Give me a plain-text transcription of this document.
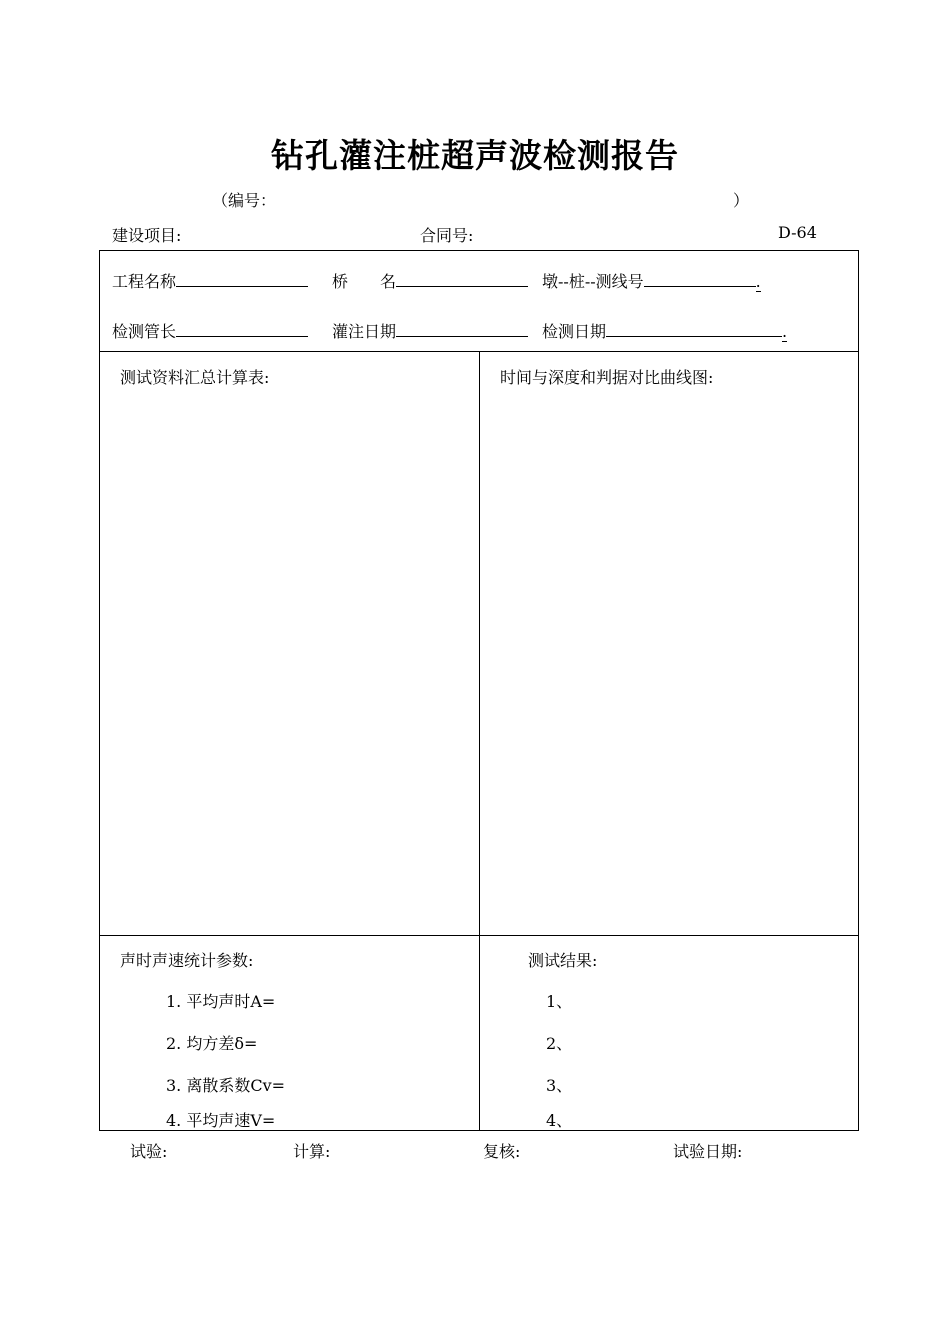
钻孔灌注桩超声波检测报告
（编号：	）
建设项目:	合同号:	D-64
工程名称	桥　　名	墩--桩--测线号	.
检测管长	灌注日期	检测日期	.
测试资料汇总计算表:	时间与深度和判据对比曲线图:
声时声速统计参数:
1. 平均声时A=
2. 均方差δ=
3. 离散系数Cv=
4. 平均声速V=
测试结果:
1、
2、
3、
4、
试验:	计算:	复核:	试验日期:
